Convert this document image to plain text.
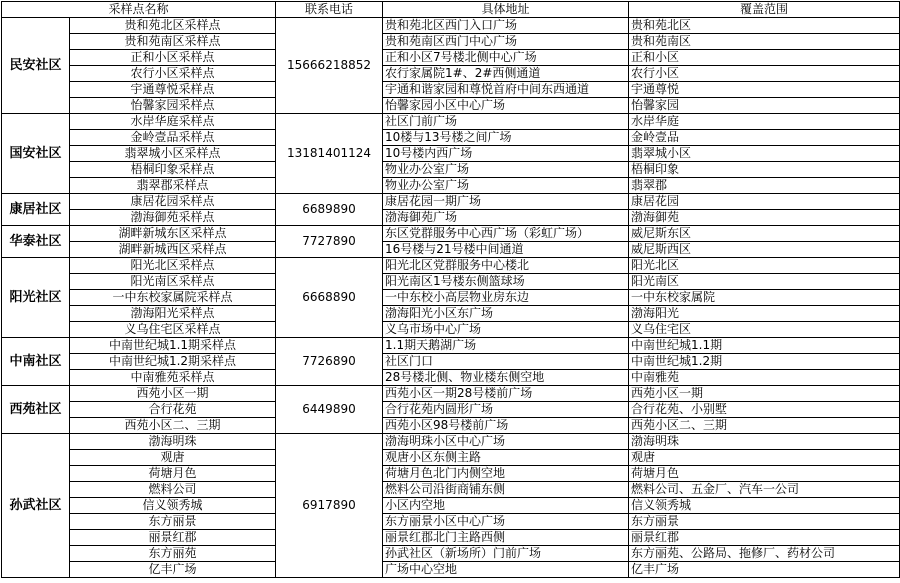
采样点名称		联系电话	具体地址	覆盖范围
民安社区	贵和苑北区采样点	15666218852	贵和苑北区西门入口广场	贵和苑北区
	贵和苑南区采样点		贵和苑南区西门中心广场	贵和苑南区
	正和小区采样点		正和小区7号楼北侧中心广场	正和小区
	农行小区采样点		农行家属院1#、2#西侧通道	农行小区
	宇通尊悦采样点		宇通和谐家园和尊悦首府中间东西通道	宇通尊悦
	怡馨家园采样点		怡馨家园小区中心广场	怡馨家园
国安社区	水岸华庭采样点	13181401124	社区门前广场	水岸华庭
	金岭壹品采样点		10楼与13号楼之间广场	金岭壹品
	翡翠城小区采样点		10号楼内西广场	翡翠城小区
	梧桐印象采样点		物业办公室广场	梧桐印象
	翡翠郡采样点		物业办公室广场	翡翠郡
康居社区	康居花园采样点	6689890	康居花园一期广场	康居花园
	渤海御苑采样点		渤海御苑广场	渤海御苑
华泰社区	湖畔新城东区采样点	7727890	东区党群服务中心西广场（彩虹广场）	威尼斯东区
	湖畔新城西区采样点		16号楼与21号楼中间通道	威尼斯西区
阳光社区	阳光北区采样点	6668890	阳光北区党群服务中心楼北	阳光北区
	阳光南区采样点		阳光南区1号楼东侧篮球场	阳光南区
	一中东校家属院采样点		一中东校小高层物业房东边	一中东校家属院
	渤海阳光采样点		渤海阳光小区东广场	渤海阳光
	义乌住宅区采样点		义乌市场中心广场	义乌住宅区
中南社区	中南世纪城1.1期采样点	7726890	1.1期天鹅湖广场	中南世纪城1.1期
	中南世纪城1.2期采样点		社区门口	中南世纪城1.2期
	中南雅苑采样点		28号楼北侧、物业楼东侧空地	中南雅苑
西苑社区	西苑小区一期	6449890	西苑小区一期28号楼前广场	西苑小区一期
	合行花苑		合行花苑内圆形广场	合行花苑、小别墅
	西苑小区二、三期		西苑小区98号楼前广场	西苑小区二、三期
孙武社区	渤海明珠	6917890	渤海明珠小区中心广场	渤海明珠
	观唐		观唐小区东侧主路	观唐
	荷塘月色		荷塘月色北门内侧空地	荷塘月色
	燃料公司		燃料公司沿街商铺东侧	燃料公司、五金厂、汽车一公司
	信义领秀城		小区内空地	信义领秀城
	东方丽景		东方丽景小区中心广场	东方丽景
	丽景红郡		丽景红郡北门主路西侧	丽景红郡
	东方丽苑		孙武社区（新场所）门前广场	东方丽苑、公路局、拖修厂、药材公司
	亿丰广场		广场中心空地	亿丰广场
